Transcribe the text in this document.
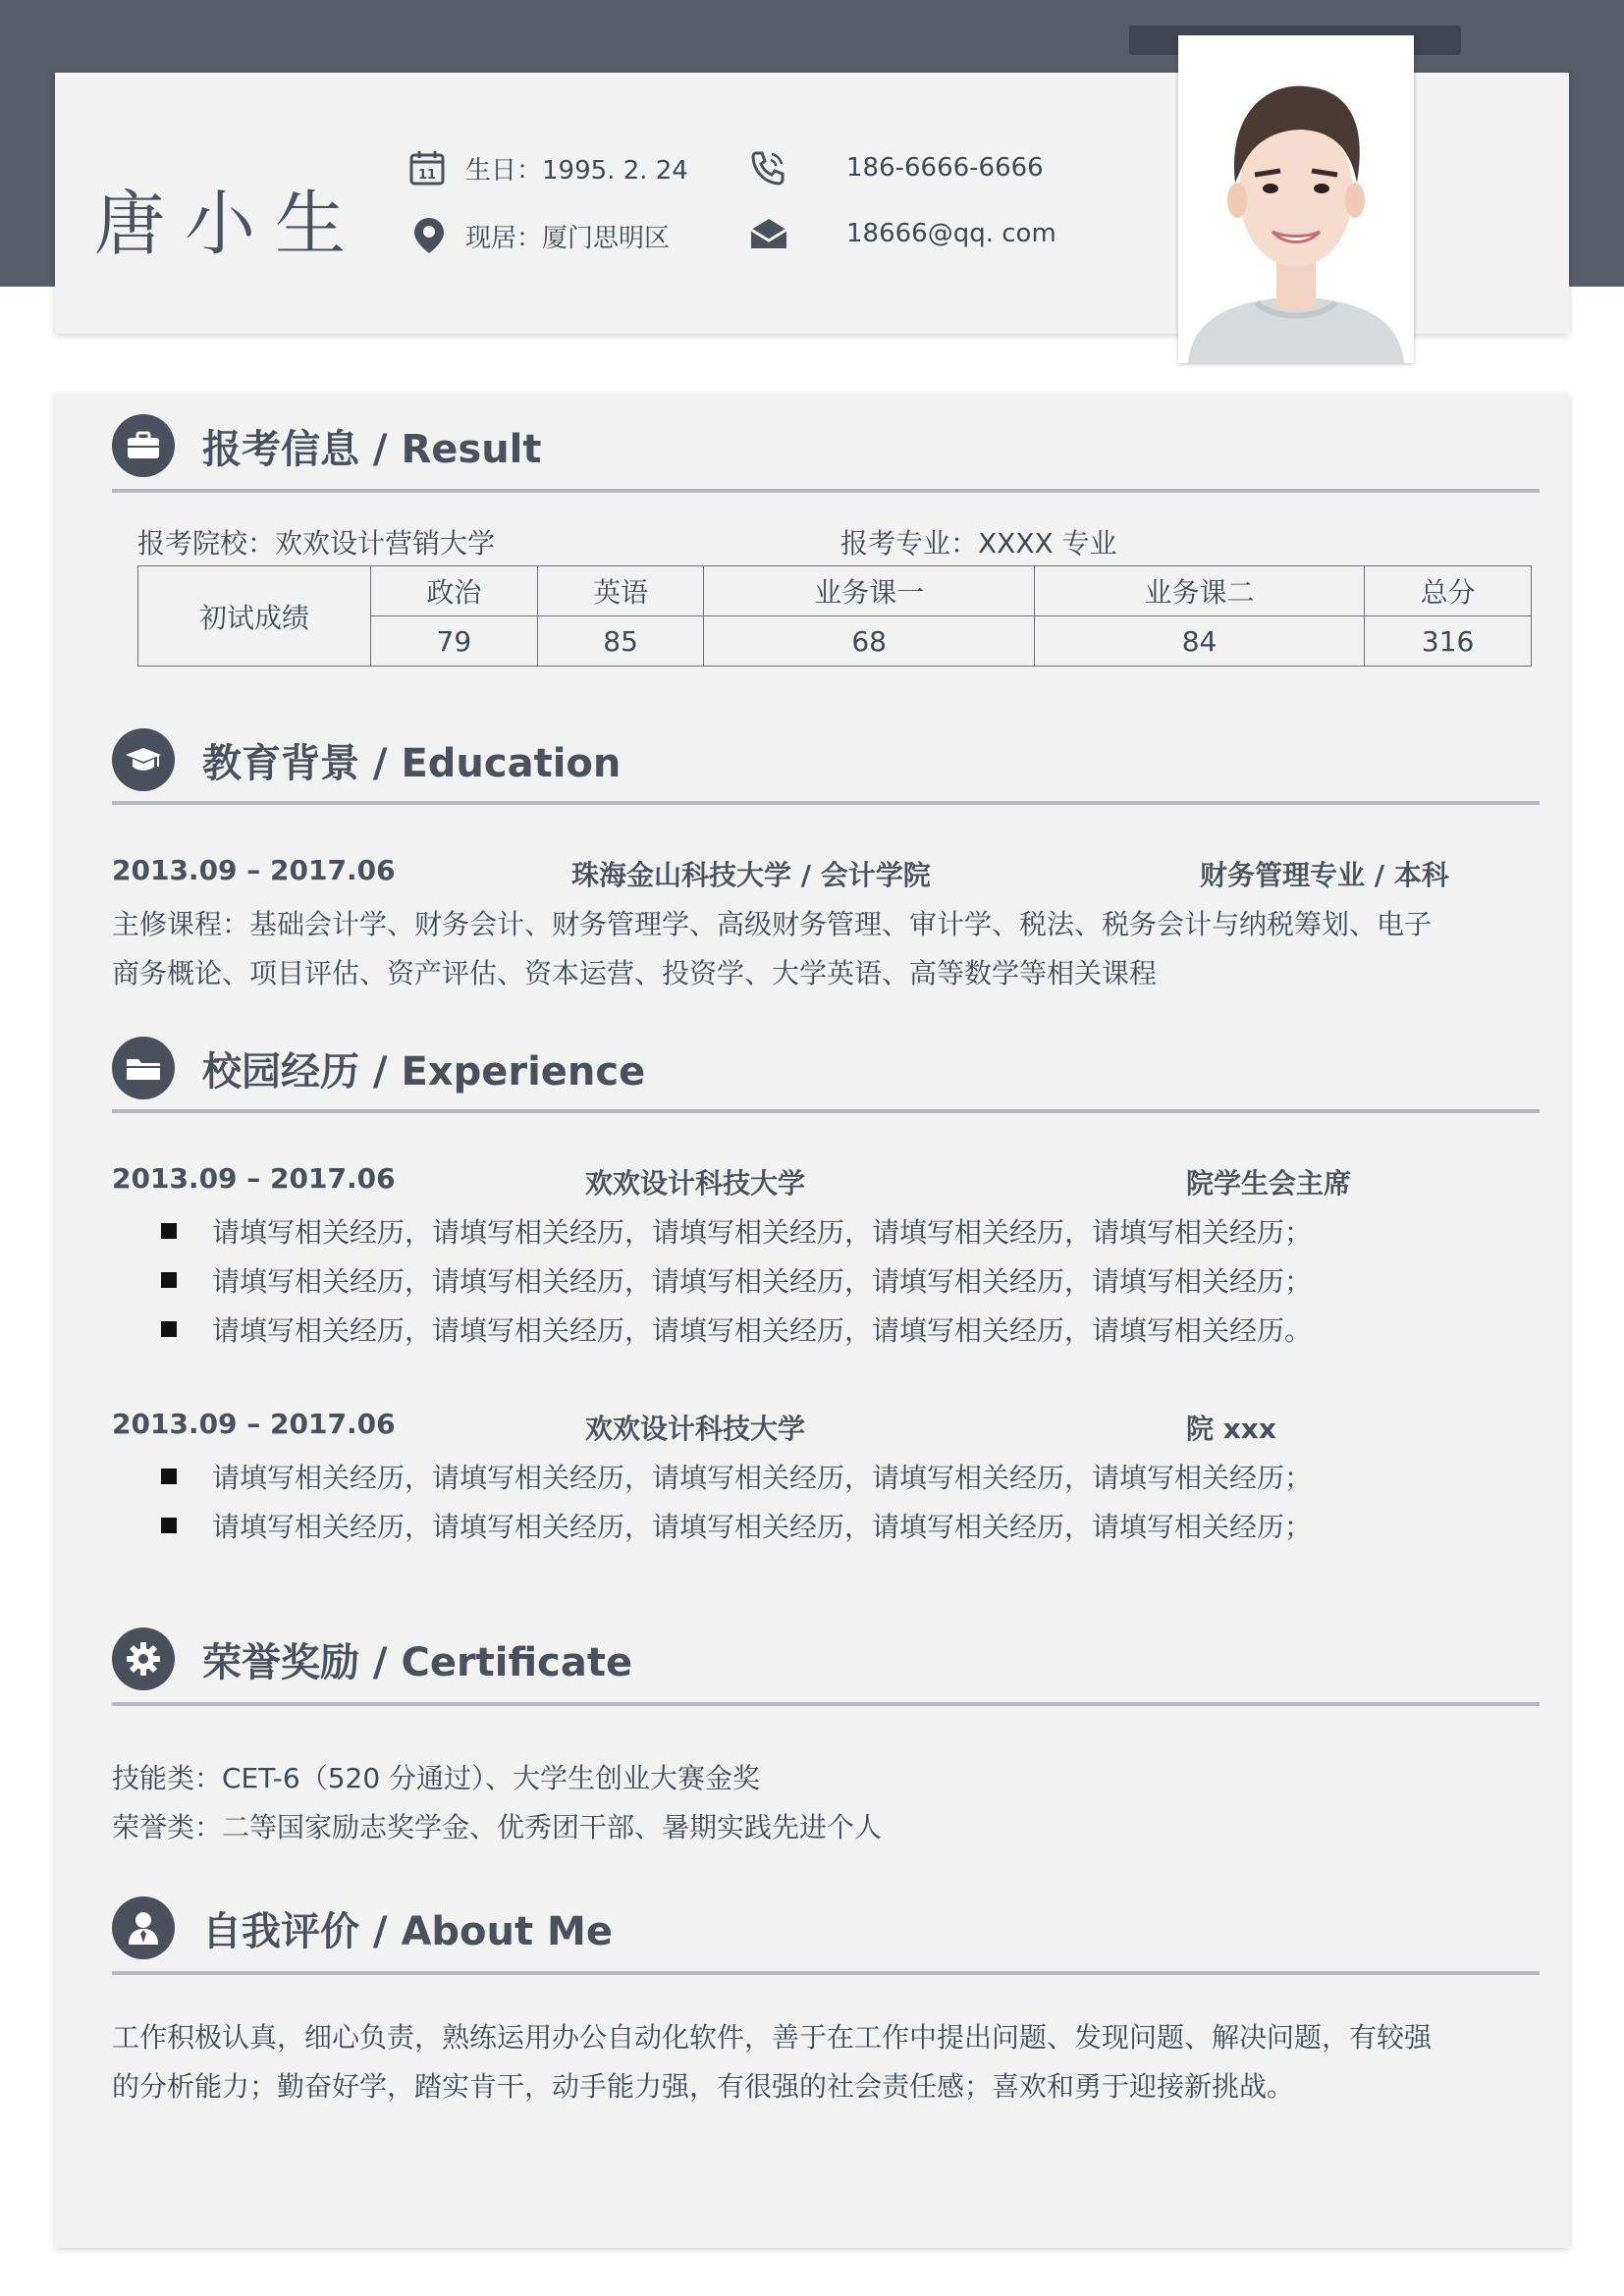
唐小生
11 生日：1995. 2. 24
现居：厦门思明区
186-6666-6666
18666@qq. com
报考信息 / Result
报考院校：欢欢设计营销大学	报考专业：XXXX 专业
初试成绩	政治	英语	业务课一	业务课二	总分
	79	85	68	84	316
教育背景 / Education
2013.09 – 2017.06	珠海金山科技大学 / 会计学院	财务管理专业 / 本科
主修课程：基础会计学、财务会计、财务管理学、高级财务管理、审计学、税法、税务会计与纳税筹划、电子
商务概论、项目评估、资产评估、资本运营、投资学、大学英语、高等数学等相关课程
校园经历 / Experience
2013.09 – 2017.06	欢欢设计科技大学	院学生会主席
请填写相关经历，请填写相关经历，请填写相关经历，请填写相关经历，请填写相关经历；
请填写相关经历，请填写相关经历，请填写相关经历，请填写相关经历，请填写相关经历；
请填写相关经历，请填写相关经历，请填写相关经历，请填写相关经历，请填写相关经历。
2013.09 – 2017.06	欢欢设计科技大学	院 xxx
请填写相关经历，请填写相关经历，请填写相关经历，请填写相关经历，请填写相关经历；
请填写相关经历，请填写相关经历，请填写相关经历，请填写相关经历，请填写相关经历；
荣誉奖励 / Certificate
技能类：CET-6（520 分通过）、大学生创业大赛金奖
荣誉类：二等国家励志奖学金、优秀团干部、暑期实践先进个人
自我评价 / About Me
工作积极认真，细心负责，熟练运用办公自动化软件，善于在工作中提出问题、发现问题、解决问题，有较强
的分析能力；勤奋好学，踏实肯干，动手能力强，有很强的社会责任感；喜欢和勇于迎接新挑战。
